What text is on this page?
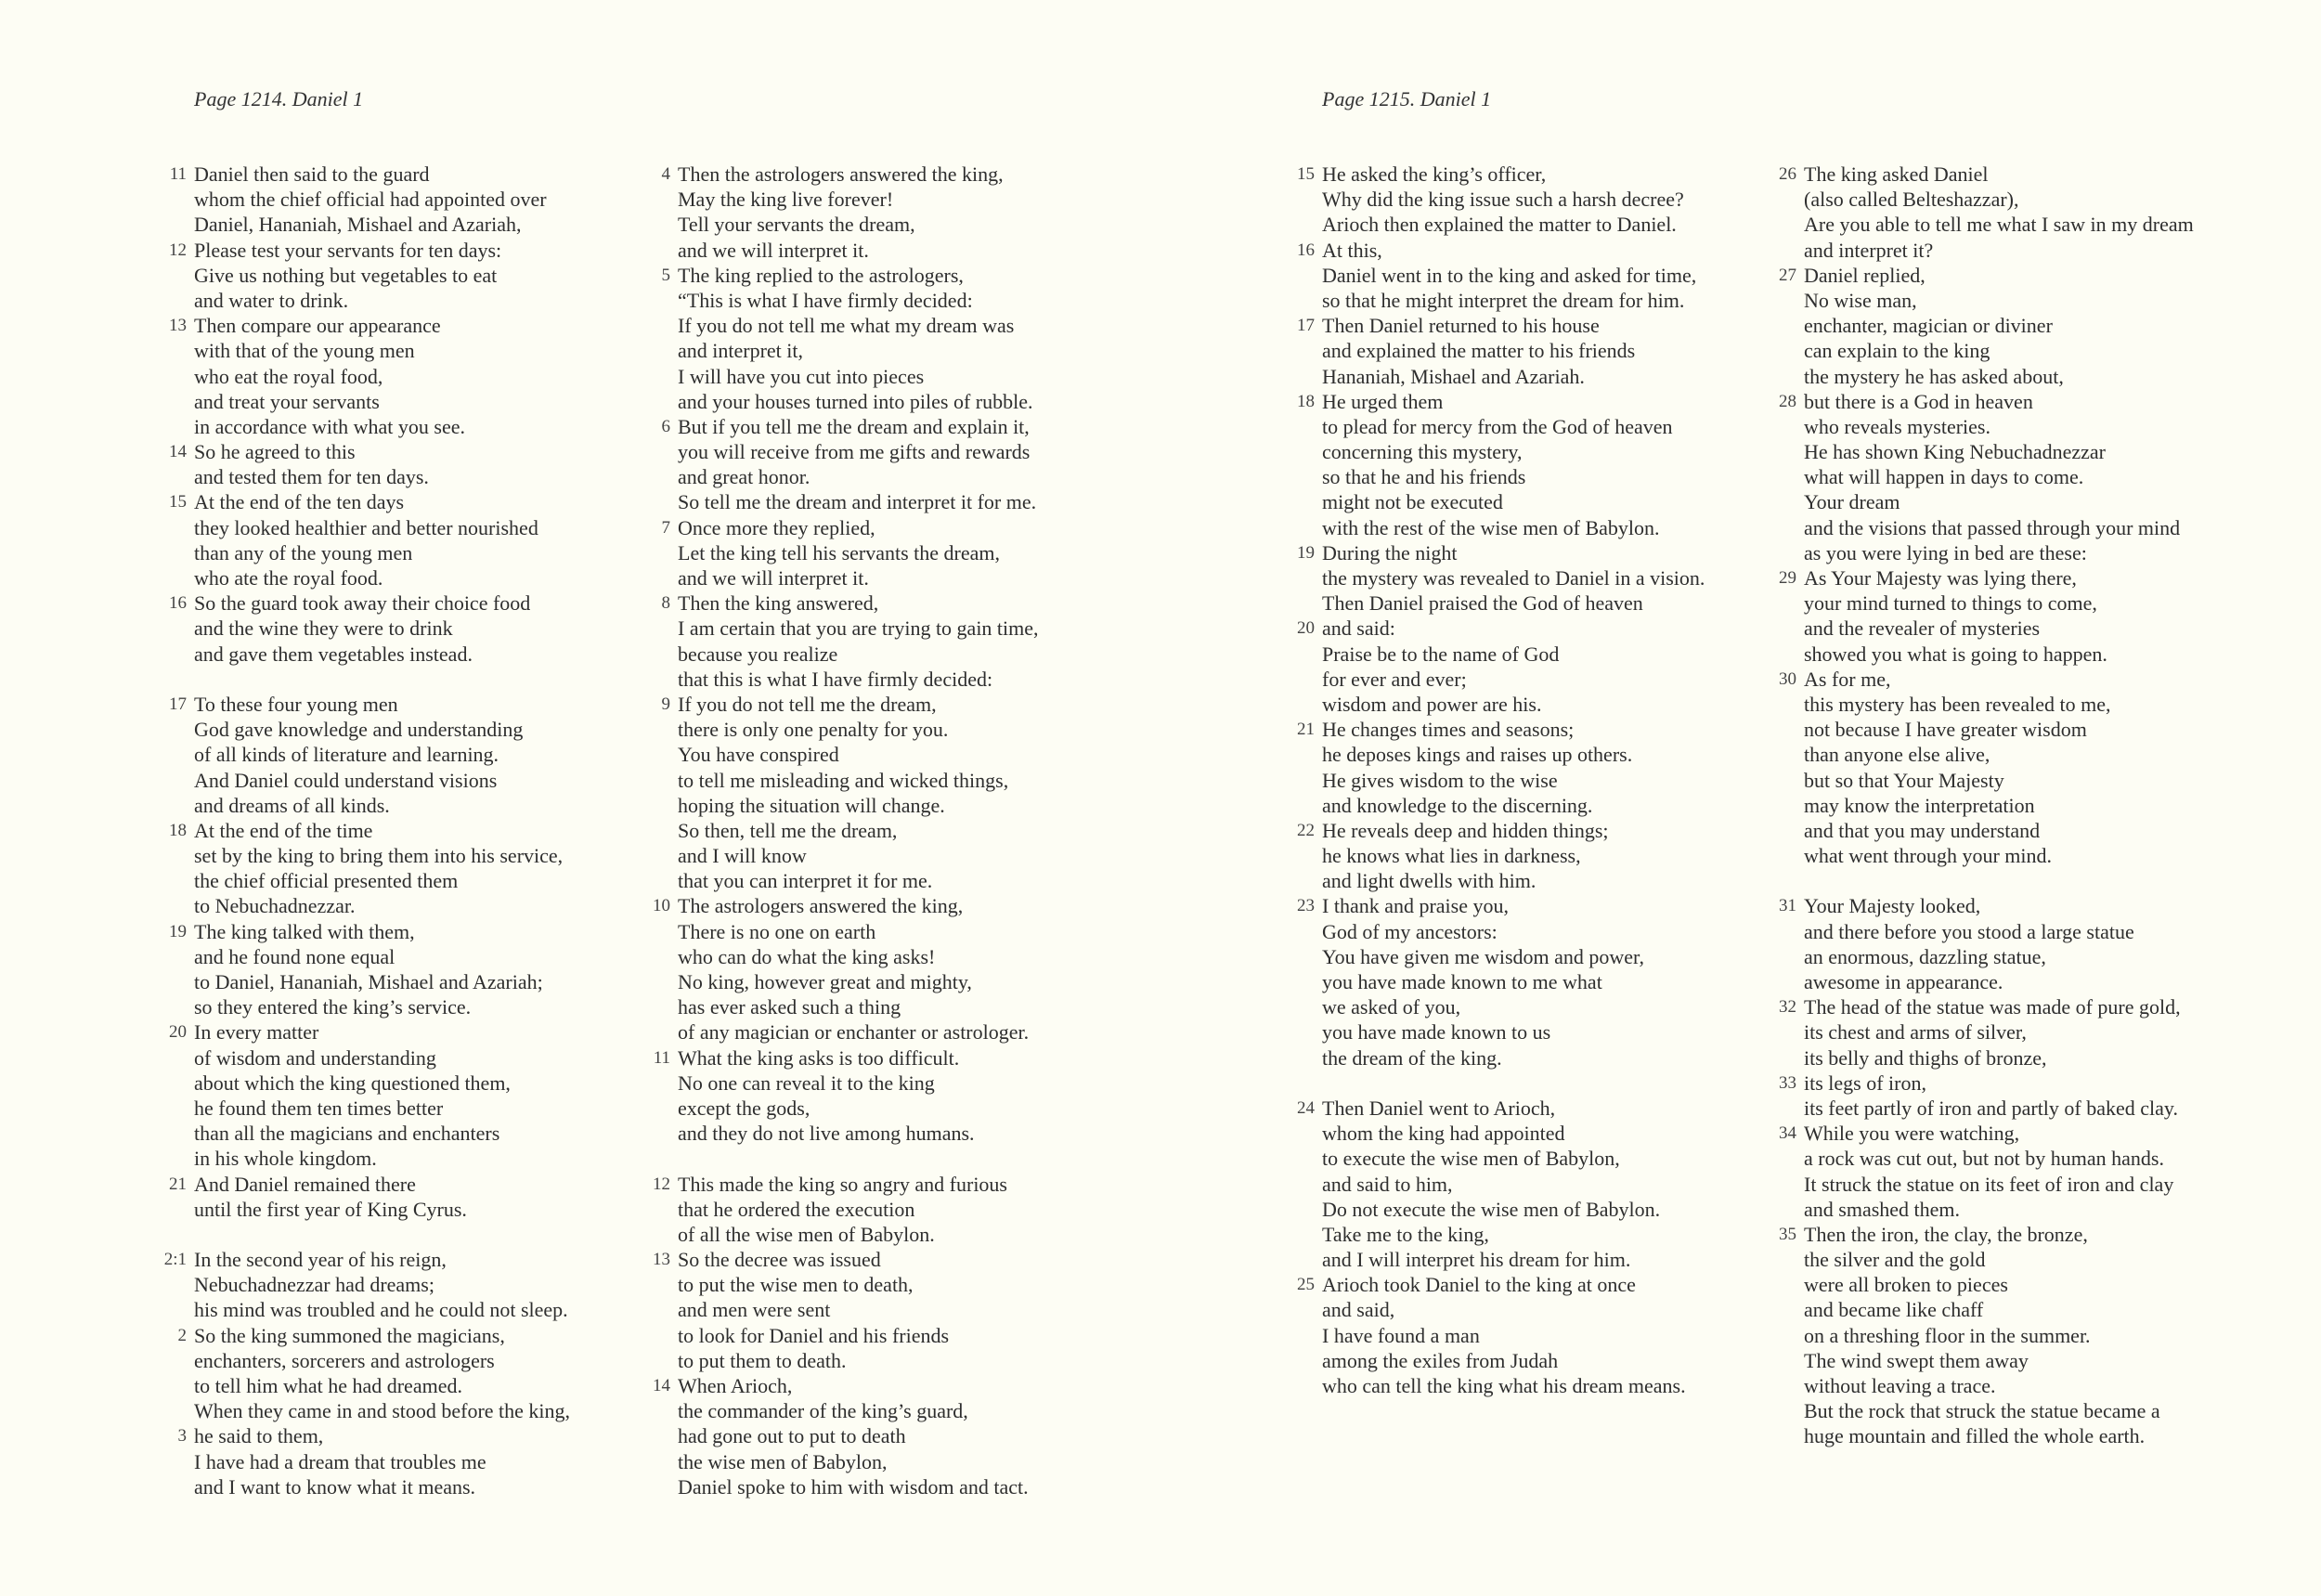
Page 1214. Daniel 1	Page 1215. Daniel 1
11 Daniel then said to the guard
whom the chief official had appointed over
Daniel, Hananiah, Mishael and Azariah,
12 Please test your servants for ten days:
Give us nothing but vegetables to eat
and water to drink.
13 Then compare our appearance
with that of the young men
who eat the royal food,
and treat your servants
in accordance with what you see.
14 So he agreed to this
and tested them for ten days.
15 At the end of the ten days
they looked healthier and better nourished
than any of the young men
who ate the royal food.
16 So the guard took away their choice food
and the wine they were to drink
and gave them vegetables instead.
17 To these four young men
God gave knowledge and understanding
of all kinds of literature and learning.
And Daniel could understand visions
and dreams of all kinds.
18 At the end of the time
set by the king to bring them into his service,
the chief official presented them
to Nebuchadnezzar.
19 The king talked with them,
and he found none equal
to Daniel, Hananiah, Mishael and Azariah;
so they entered the king’s service.
20 In every matter
of wisdom and understanding
about which the king questioned them,
he found them ten times better
than all the magicians and enchanters
in his whole kingdom.
21 And Daniel remained there
until the first year of King Cyrus.
2:1 In the second year of his reign,
Nebuchadnezzar had dreams;
his mind was troubled and he could not sleep.
2 So the king summoned the magicians,
enchanters, sorcerers and astrologers
to tell him what he had dreamed.
When they came in and stood before the king,
3 he said to them,
I have had a dream that troubles me
and I want to know what it means.
4 Then the astrologers answered the king,
May the king live forever!
Tell your servants the dream,
and we will interpret it.
5 The king replied to the astrologers,
“This is what I have firmly decided:
If you do not tell me what my dream was
and interpret it,
I will have you cut into pieces
and your houses turned into piles of rubble.
6 But if you tell me the dream and explain it,
you will receive from me gifts and rewards
and great honor.
So tell me the dream and interpret it for me.
7 Once more they replied,
Let the king tell his servants the dream,
and we will interpret it.
8 Then the king answered,
I am certain that you are trying to gain time,
because you realize
that this is what I have firmly decided:
9 If you do not tell me the dream,
there is only one penalty for you.
You have conspired
to tell me misleading and wicked things,
hoping the situation will change.
So then, tell me the dream,
and I will know
that you can interpret it for me.
10 The astrologers answered the king,
There is no one on earth
who can do what the king asks!
No king, however great and mighty,
has ever asked such a thing
of any magician or enchanter or astrologer.
11 What the king asks is too difficult.
No one can reveal it to the king
except the gods,
and they do not live among humans.
12 This made the king so angry and furious
that he ordered the execution
of all the wise men of Babylon.
13 So the decree was issued
to put the wise men to death,
and men were sent
to look for Daniel and his friends
to put them to death.
14 When Arioch,
the commander of the king’s guard,
had gone out to put to death
the wise men of Babylon,
Daniel spoke to him with wisdom and tact.
15 He asked the king’s officer,
Why did the king issue such a harsh decree?
Arioch then explained the matter to Daniel.
16 At this,
Daniel went in to the king and asked for time,
so that he might interpret the dream for him.
17 Then Daniel returned to his house
and explained the matter to his friends
Hananiah, Mishael and Azariah.
18 He urged them
to plead for mercy from the God of heaven
concerning this mystery,
so that he and his friends
might not be executed
with the rest of the wise men of Babylon.
19 During the night
the mystery was revealed to Daniel in a vision.
Then Daniel praised the God of heaven
20 and said:
Praise be to the name of God
for ever and ever;
wisdom and power are his.
21 He changes times and seasons;
he deposes kings and raises up others.
He gives wisdom to the wise
and knowledge to the discerning.
22 He reveals deep and hidden things;
he knows what lies in darkness,
and light dwells with him.
23 I thank and praise you,
God of my ancestors:
You have given me wisdom and power,
you have made known to me what
we asked of you,
you have made known to us
the dream of the king.
24 Then Daniel went to Arioch,
whom the king had appointed
to execute the wise men of Babylon,
and said to him,
Do not execute the wise men of Babylon.
Take me to the king,
and I will interpret his dream for him.
25 Arioch took Daniel to the king at once
and said,
I have found a man
among the exiles from Judah
who can tell the king what his dream means.
26 The king asked Daniel
(also called Belteshazzar),
Are you able to tell me what I saw in my dream
and interpret it?
27 Daniel replied,
No wise man,
enchanter, magician or diviner
can explain to the king
the mystery he has asked about,
28 but there is a God in heaven
who reveals mysteries.
He has shown King Nebuchadnezzar
what will happen in days to come.
Your dream
and the visions that passed through your mind
as you were lying in bed are these:
29 As Your Majesty was lying there,
your mind turned to things to come,
and the revealer of mysteries
showed you what is going to happen.
30 As for me,
this mystery has been revealed to me,
not because I have greater wisdom
than anyone else alive,
but so that Your Majesty
may know the interpretation
and that you may understand
what went through your mind.
31 Your Majesty looked,
and there before you stood a large statue
an enormous, dazzling statue,
awesome in appearance.
32 The head of the statue was made of pure gold,
its chest and arms of silver,
its belly and thighs of bronze,
33 its legs of iron,
its feet partly of iron and partly of baked clay.
34 While you were watching,
a rock was cut out, but not by human hands.
It struck the statue on its feet of iron and clay
and smashed them.
35 Then the iron, the clay, the bronze,
the silver and the gold
were all broken to pieces
and became like chaff
on a threshing floor in the summer.
The wind swept them away
without leaving a trace.
But the rock that struck the statue became a
huge mountain and filled the whole earth.
